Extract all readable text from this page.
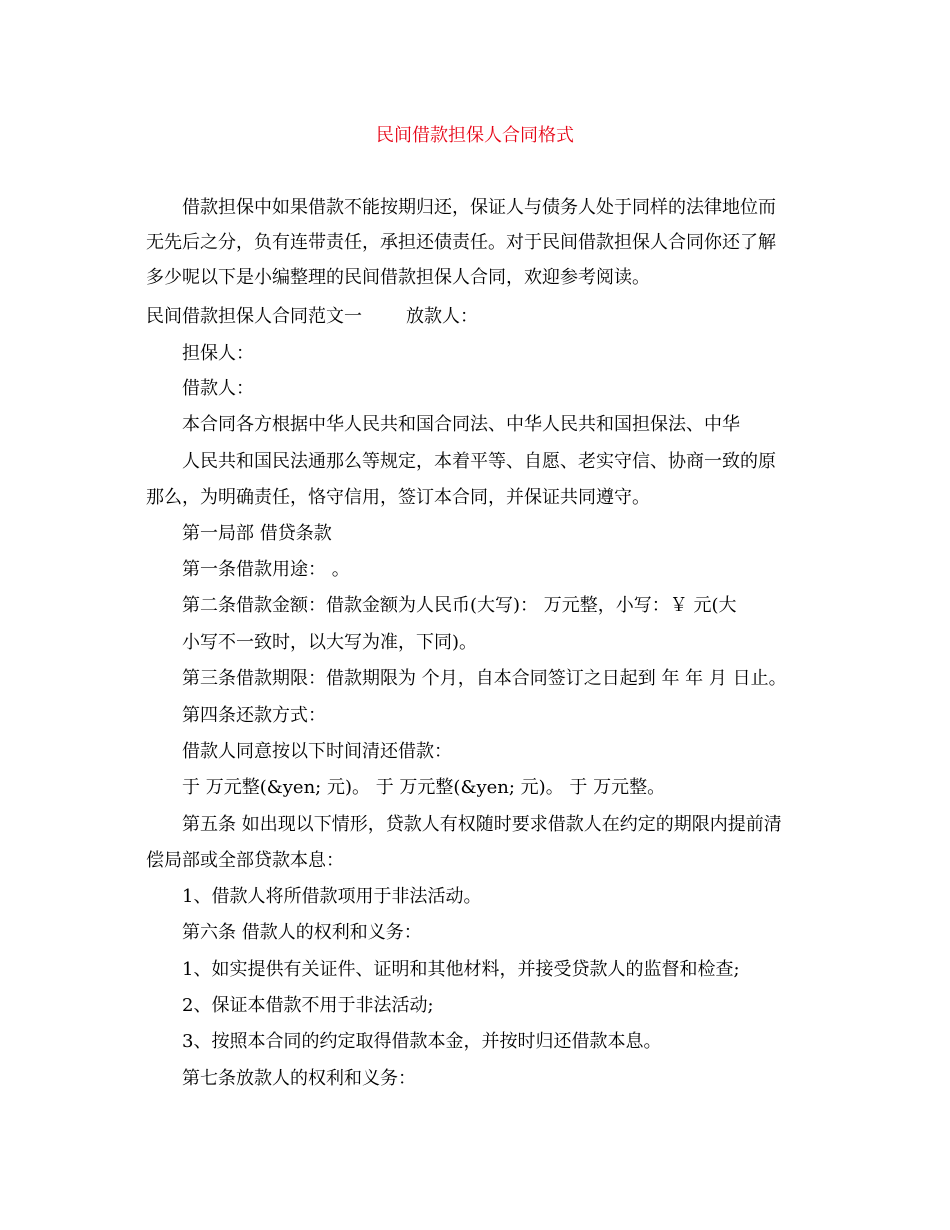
民间借款担保人合同格式
借款担保中如果借款不能按期归还，保证人与债务人处于同样的法律地位而
无先后之分，负有连带责任，承担还债责任。对于民间借款担保人合同你还了解
多少呢以下是小编整理的民间借款担保人合同，欢迎参考阅读。
民间借款担保人合同范文一 放款人：
担保人：
借款人：
本合同各方根据中华人民共和国合同法、中华人民共和国担保法、中华
人民共和国民法通那么等规定，本着平等、自愿、老实守信、协商一致的原
那么，为明确责任，恪守信用，签订本合同，并保证共同遵守。
第一局部 借贷条款
第一条借款用途： 。
第二条借款金额：借款金额为人民币(大写)： 万元整，小写：￥ 元(大
小写不一致时，以大写为准，下同)。
第三条借款期限：借款期限为 个月，自本合同签订之日起到 年 年 月 日止。
第四条还款方式：
借款人同意按以下时间清还借款：
于 万元整(&yen; 元)。 于 万元整(&yen; 元)。 于 万元整。
第五条 如出现以下情形，贷款人有权随时要求借款人在约定的期限内提前清
偿局部或全部贷款本息：
1、借款人将所借款项用于非法活动。
第六条 借款人的权利和义务：
1、如实提供有关证件、证明和其他材料，并接受贷款人的监督和检查;
2、保证本借款不用于非法活动;
3、按照本合同的约定取得借款本金，并按时归还借款本息。
第七条放款人的权利和义务：
